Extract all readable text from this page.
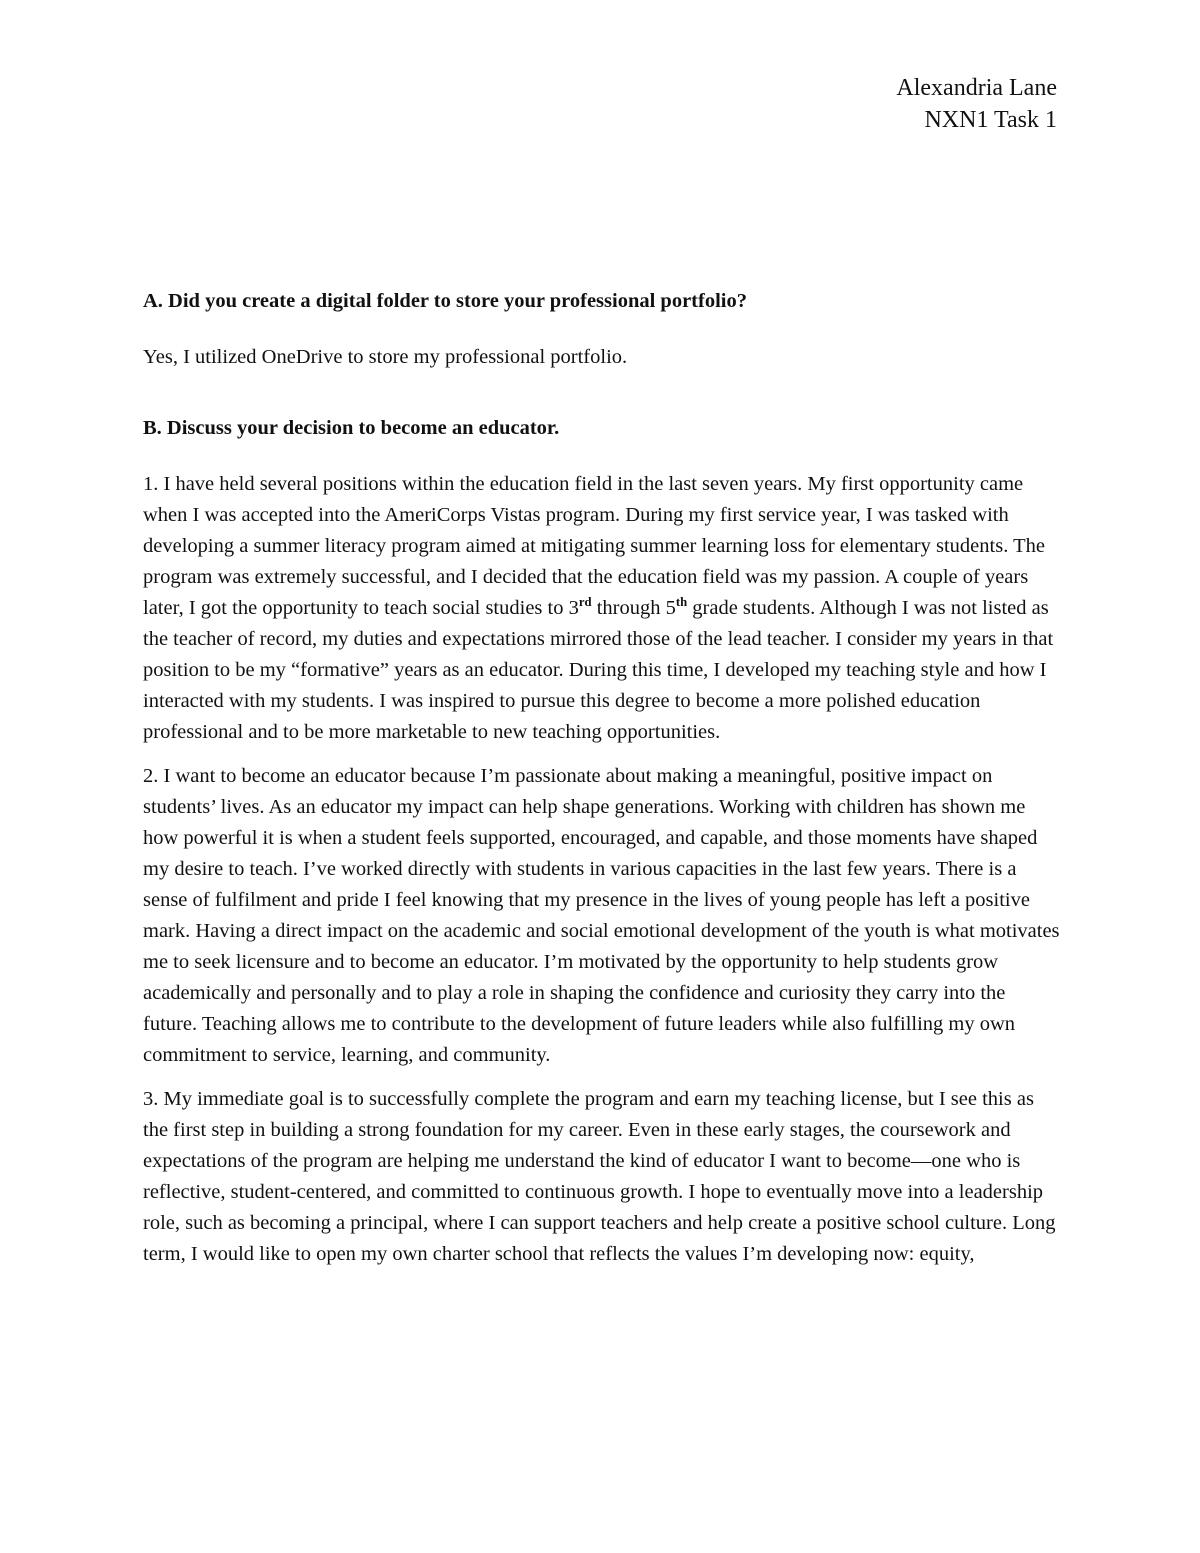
Alexandria Lane
NXN1 Task 1

A. Did you create a digital folder to store your professional portfolio?

Yes, I utilized OneDrive to store my professional portfolio.

B. Discuss your decision to become an educator.

1. I have held several positions within the education field in the last seven years. My first opportunity came when I was accepted into the AmeriCorps Vistas program. During my first service year, I was tasked with developing a summer literacy program aimed at mitigating summer learning loss for elementary students. The program was extremely successful, and I decided that the education field was my passion. A couple of years later, I got the opportunity to teach social studies to 3rd through 5th grade students. Although I was not listed as the teacher of record, my duties and expectations mirrored those of the lead teacher. I consider my years in that position to be my “formative” years as an educator. During this time, I developed my teaching style and how I interacted with my students. I was inspired to pursue this degree to become a more polished education professional and to be more marketable to new teaching opportunities.

2. I want to become an educator because I’m passionate about making a meaningful, positive impact on students’ lives. As an educator my impact can help shape generations. Working with children has shown me how powerful it is when a student feels supported, encouraged, and capable, and those moments have shaped my desire to teach. I’ve worked directly with students in various capacities in the last few years. There is a sense of fulfilment and pride I feel knowing that my presence in the lives of young people has left a positive mark. Having a direct impact on the academic and social emotional development of the youth is what motivates me to seek licensure and to become an educator. I’m motivated by the opportunity to help students grow academically and personally and to play a role in shaping the confidence and curiosity they carry into the future. Teaching allows me to contribute to the development of future leaders while also fulfilling my own commitment to service, learning, and community.

3. My immediate goal is to successfully complete the program and earn my teaching license, but I see this as the first step in building a strong foundation for my career. Even in these early stages, the coursework and expectations of the program are helping me understand the kind of educator I want to become—one who is reflective, student-centered, and committed to continuous growth. I hope to eventually move into a leadership role, such as becoming a principal, where I can support teachers and help create a positive school culture. Long term, I would like to open my own charter school that reflects the values I’m developing now: equity,
